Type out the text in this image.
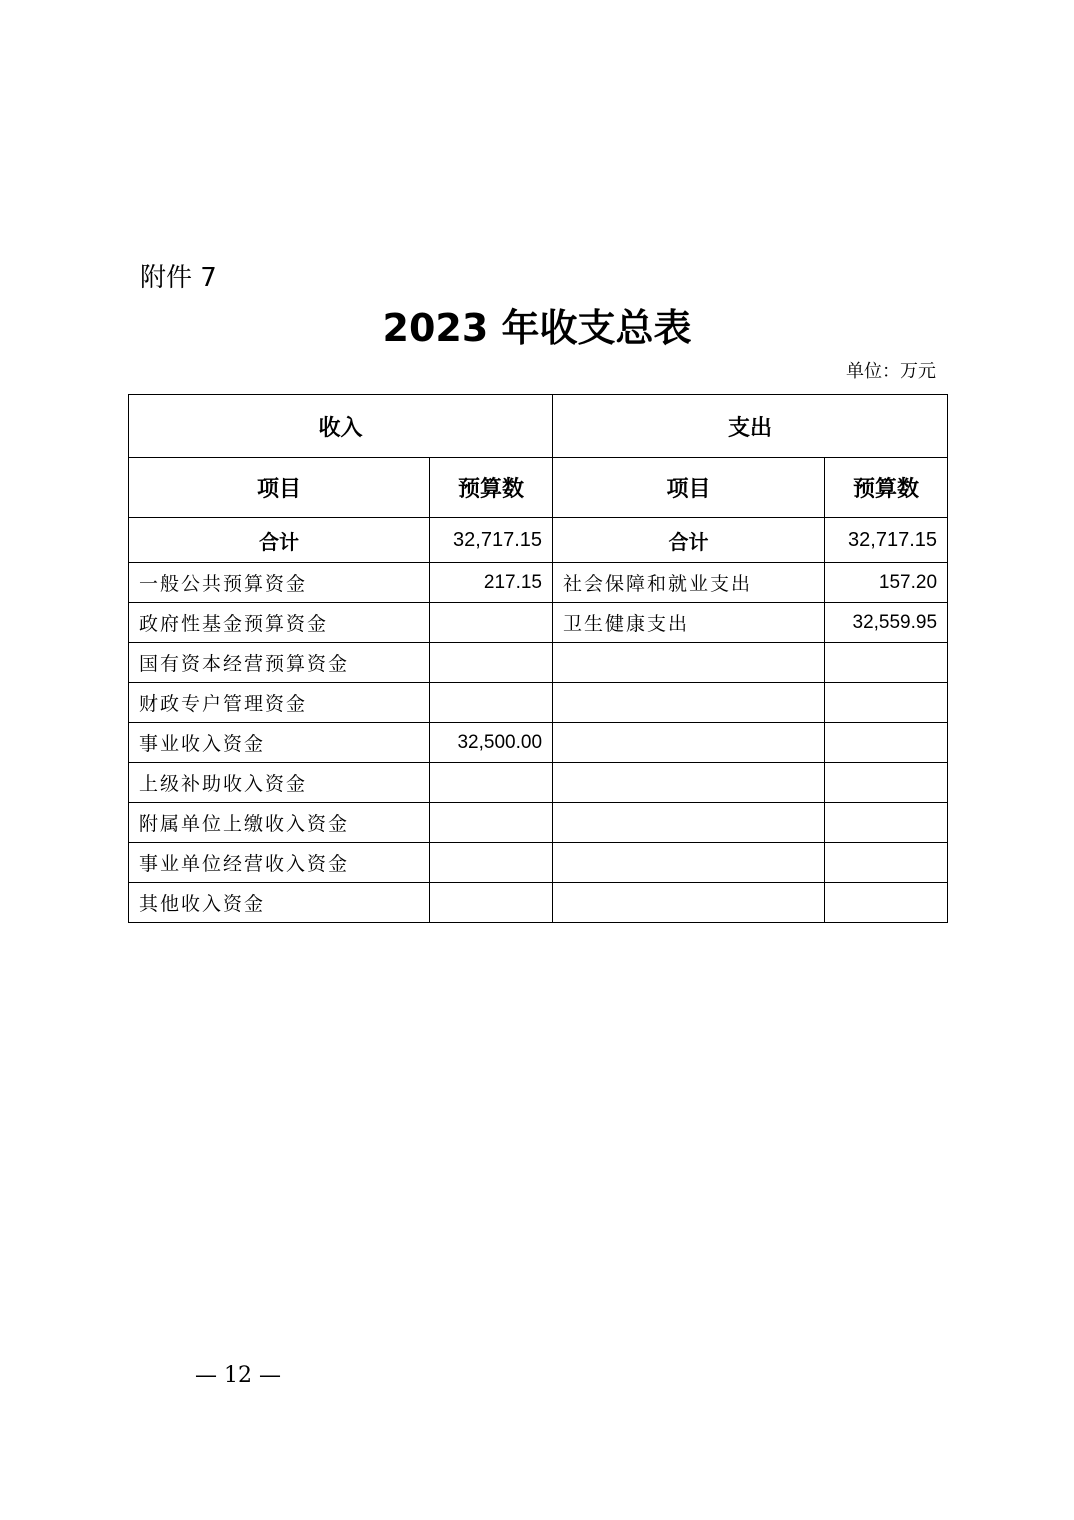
附件 7
2023 年收支总表
单位：万元
收入		支出	
项目	预算数	项目	预算数
合计	32,717.15	合计	32,717.15
一般公共预算资金	217.15	社会保障和就业支出	157.20
政府性基金预算资金		卫生健康支出	32,559.95
国有资本经营预算资金			
财政专户管理资金			
事业收入资金	32,500.00		
上级补助收入资金			
附属单位上缴收入资金			
事业单位经营收入资金			
其他收入资金			
— 12 —
